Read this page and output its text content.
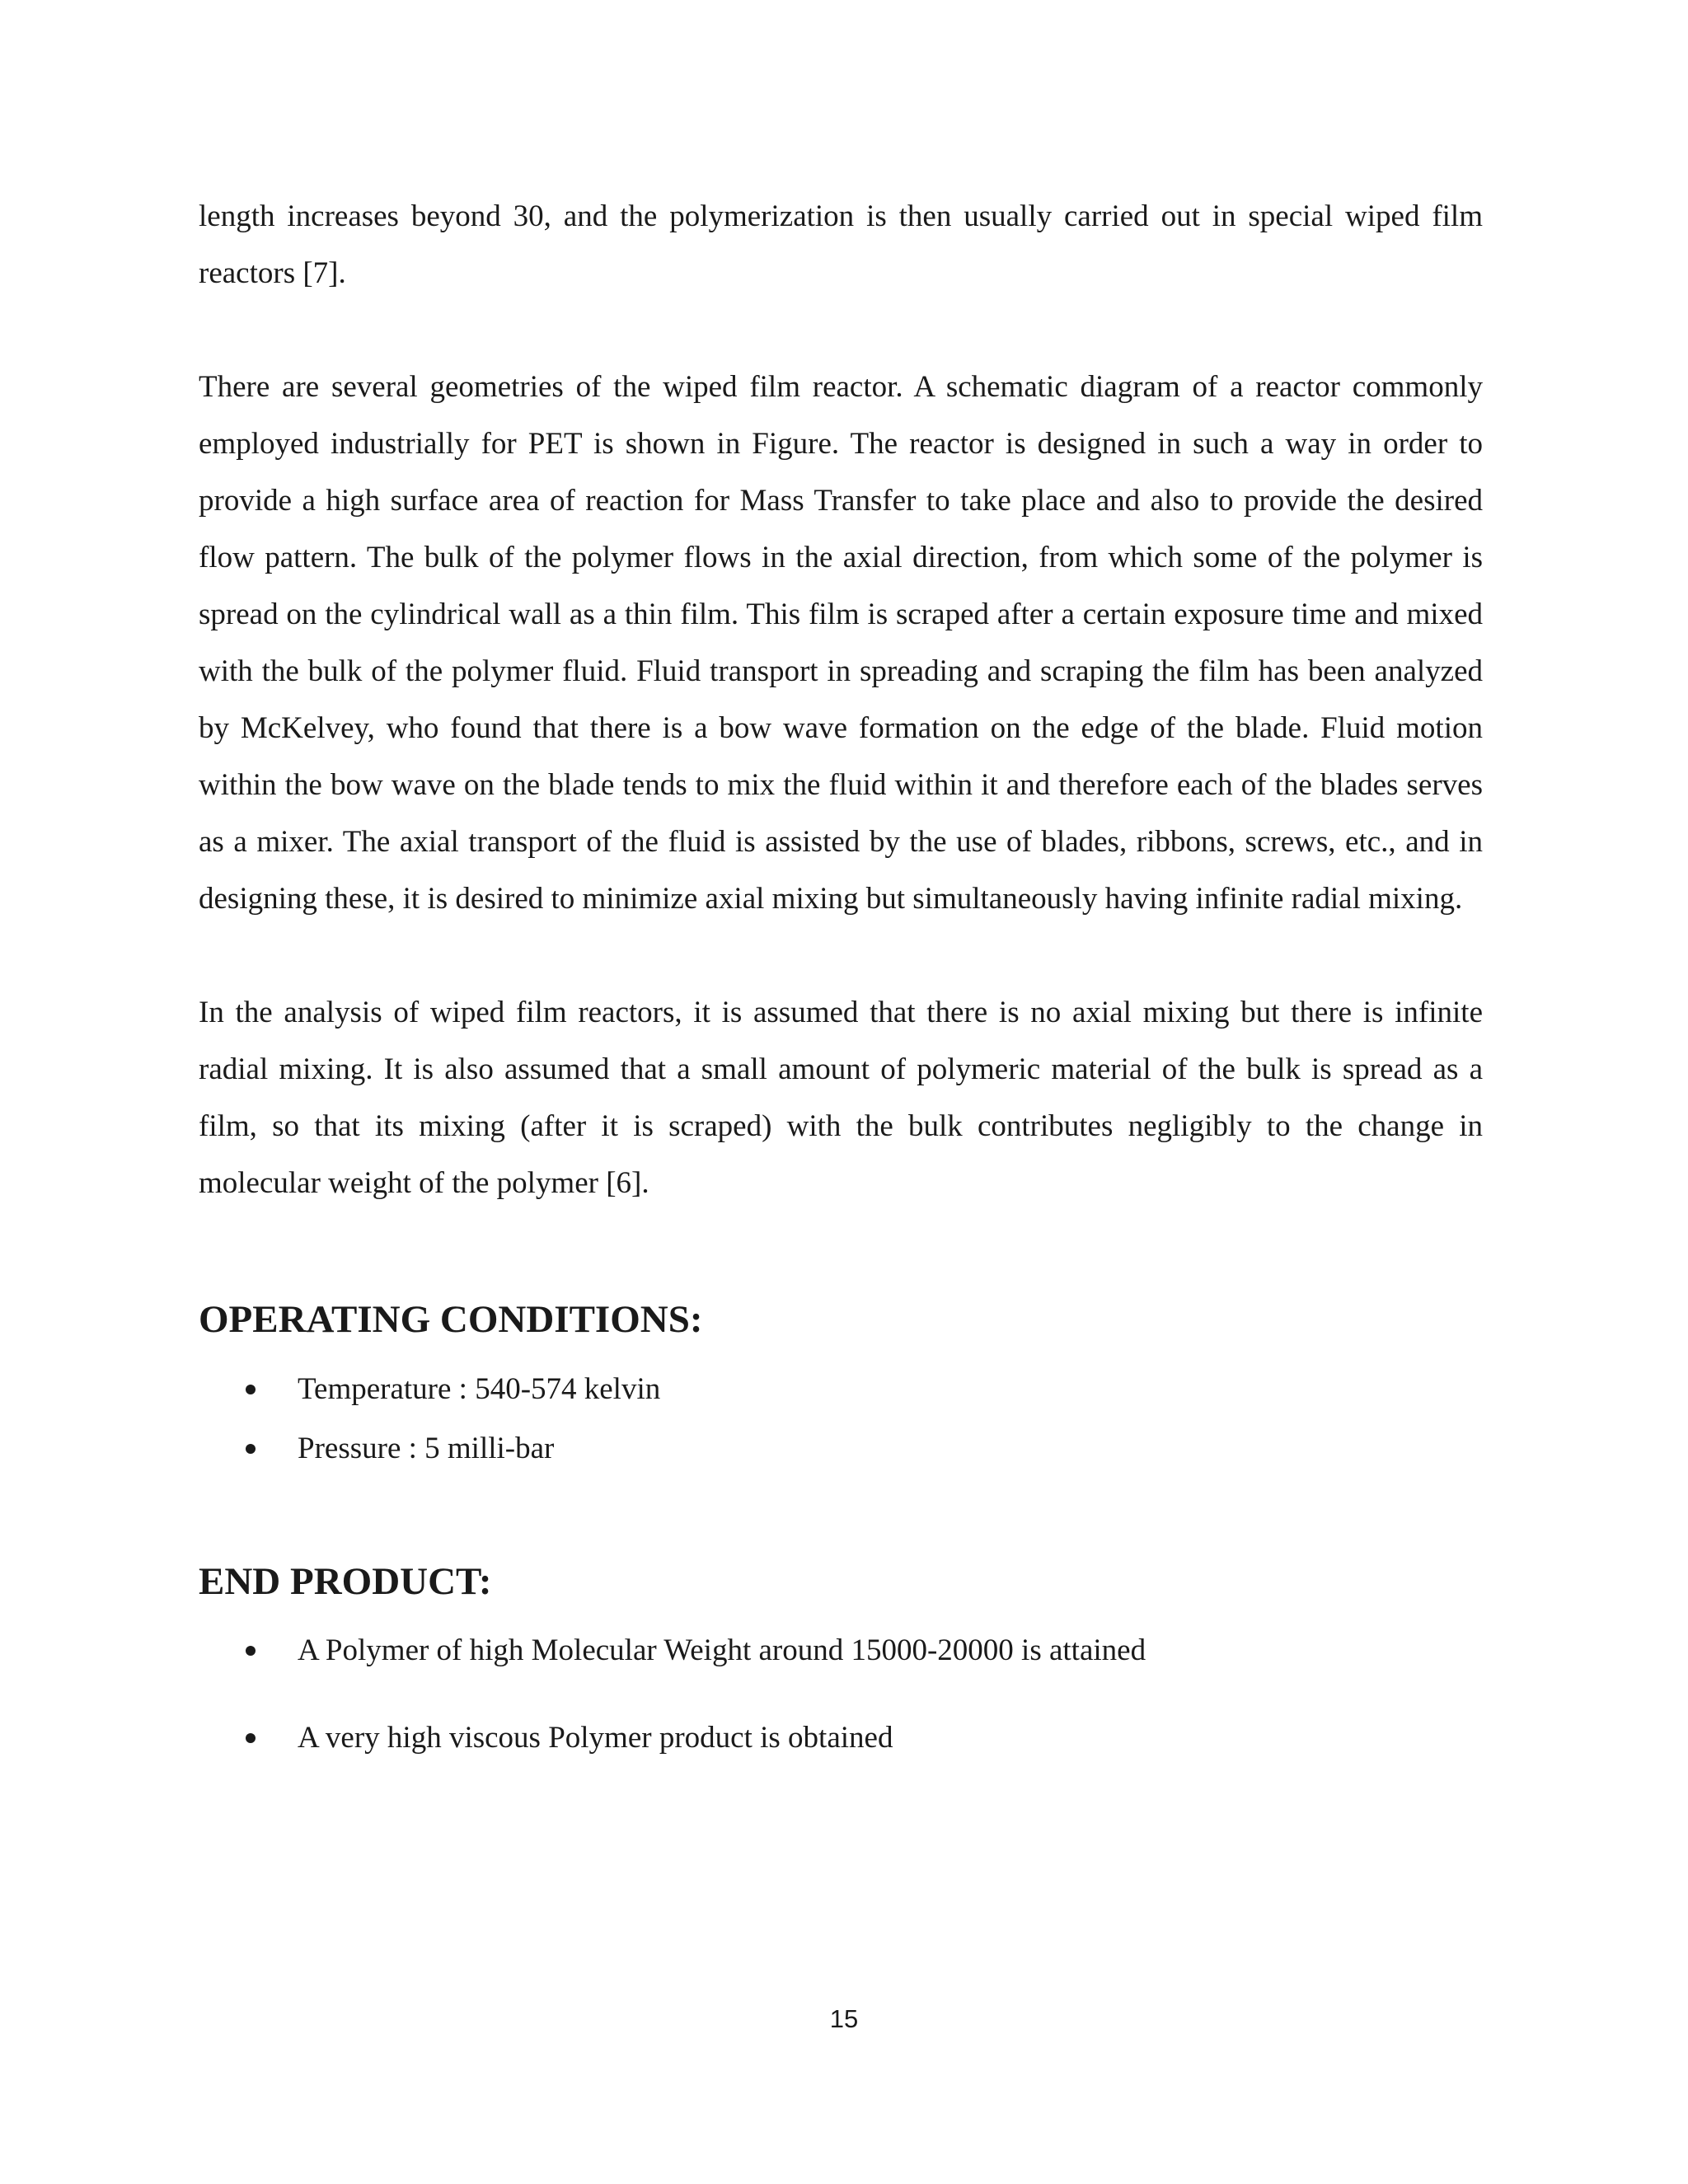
length increases beyond 30, and the polymerization is then usually carried out in special wiped film reactors [7].

There are several geometries of the wiped film reactor. A schematic diagram of a reactor commonly employed industrially for PET is shown in Figure. The reactor is designed in such a way in order to provide a high surface area of reaction for Mass Transfer to take place and also to provide the desired flow pattern. The bulk of the polymer flows in the axial direction, from which some of the polymer is spread on the cylindrical wall as a thin film. This film is scraped after a certain exposure time and mixed with the bulk of the polymer fluid. Fluid transport in spreading and scraping the film has been analyzed by McKelvey, who found that there is a bow wave formation on the edge of the blade. Fluid motion within the bow wave on the blade tends to mix the fluid within it and therefore each of the blades serves as a mixer. The axial transport of the fluid is assisted by the use of blades, ribbons, screws, etc., and in designing these, it is desired to minimize axial mixing but simultaneously having infinite radial mixing.

In the analysis of wiped film reactors, it is assumed that there is no axial mixing but there is infinite radial mixing. It is also assumed that a small amount of polymeric material of the bulk is spread as a film, so that its mixing (after it is scraped) with the bulk contributes negligibly to the change in molecular weight of the polymer [6].

OPERATING CONDITIONS:
Temperature : 540-574 kelvin
Pressure : 5 milli-bar
END PRODUCT:
A Polymer of high Molecular Weight around 15000-20000 is attained
A very high viscous Polymer product is obtained
15
